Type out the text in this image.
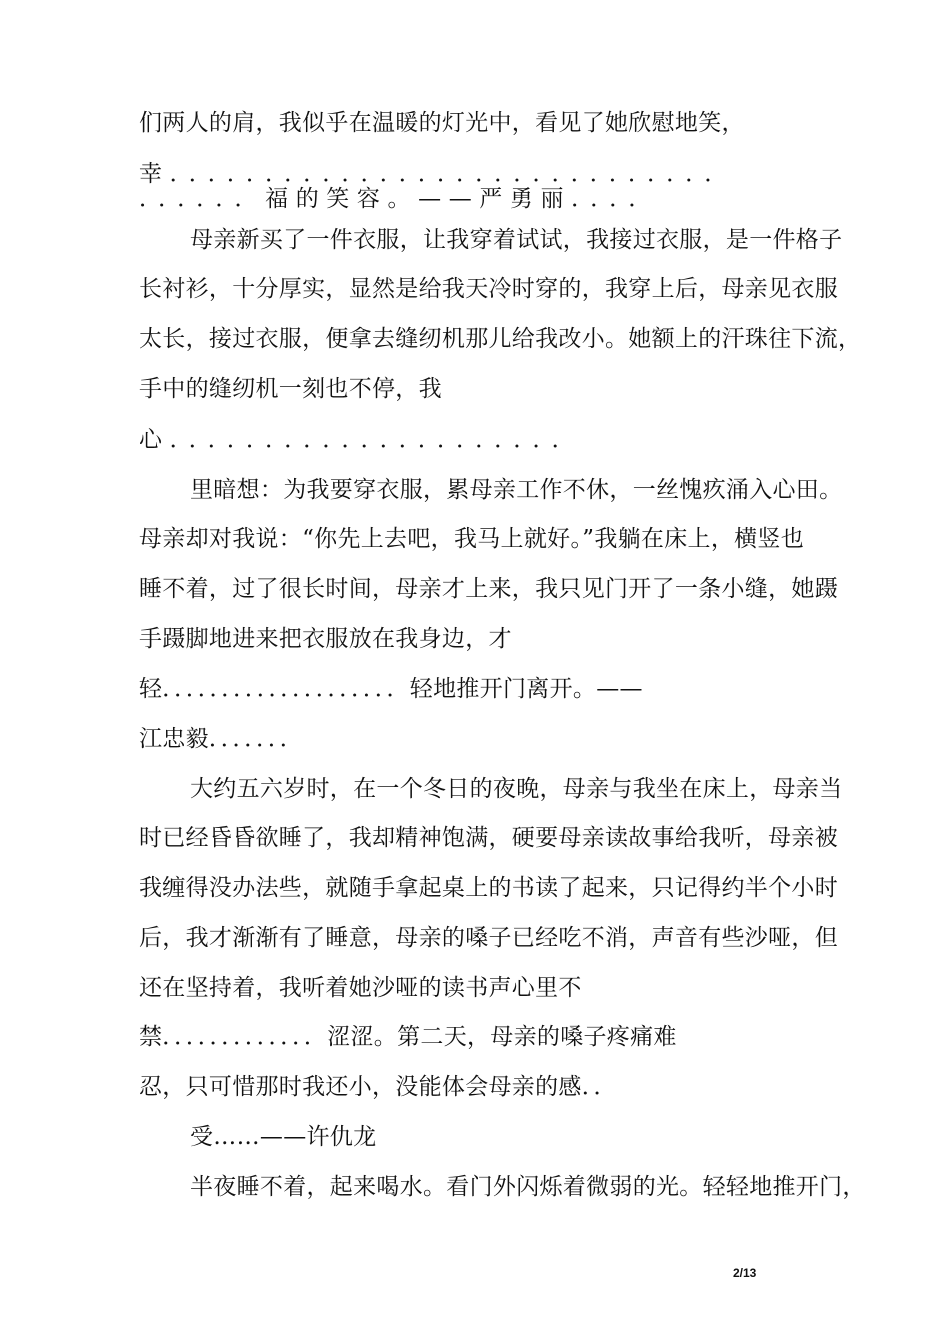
们两人的肩，我似乎在温暖的灯光中，看见了她欣慰地笑，
幸．．．．．．．．．．．．．．．．．．．．．．．．．．．．．
．．．．．．福的笑容。——严勇丽．．．．
母亲新买了一件衣服，让我穿着试试，我接过衣服，是一件格子
长衬衫，十分厚实，显然是给我天冷时穿的，我穿上后，母亲见衣服
太长，接过衣服，便拿去缝纫机那儿给我改小。她额上的汗珠往下流，
手中的缝纫机一刻也不停，我
心．．．．．．．．．．．．．．．．．．．．．
里暗想：为我要穿衣服，累母亲工作不休，一丝愧疚涌入心田。
母亲却对我说：“你先上去吧，我马上就好。”我躺在床上，横竖也
睡不着，过了很长时间，母亲才上来，我只见门开了一条小缝，她蹑
手蹑脚地进来把衣服放在我身边，才
轻．．．．．．．．．．．．．．．．．．．．轻地推开门离开。——
江忠毅．．．．．．．
大约五六岁时，在一个冬日的夜晚，母亲与我坐在床上，母亲当
时已经昏昏欲睡了，我却精神饱满，硬要母亲读故事给我听，母亲被
我缠得没办法些，就随手拿起桌上的书读了起来，只记得约半个小时
后，我才渐渐有了睡意，母亲的嗓子已经吃不消，声音有些沙哑，但
还在坚持着，我听着她沙哑的读书声心里不
禁．．．．．．．．．．．．．涩涩。第二天，母亲的嗓子疼痛难
忍，只可惜那时我还小，没能体会母亲的感．．
受……——许仇龙
半夜睡不着，起来喝水。看门外闪烁着微弱的光。轻轻地推开门，
2/13
